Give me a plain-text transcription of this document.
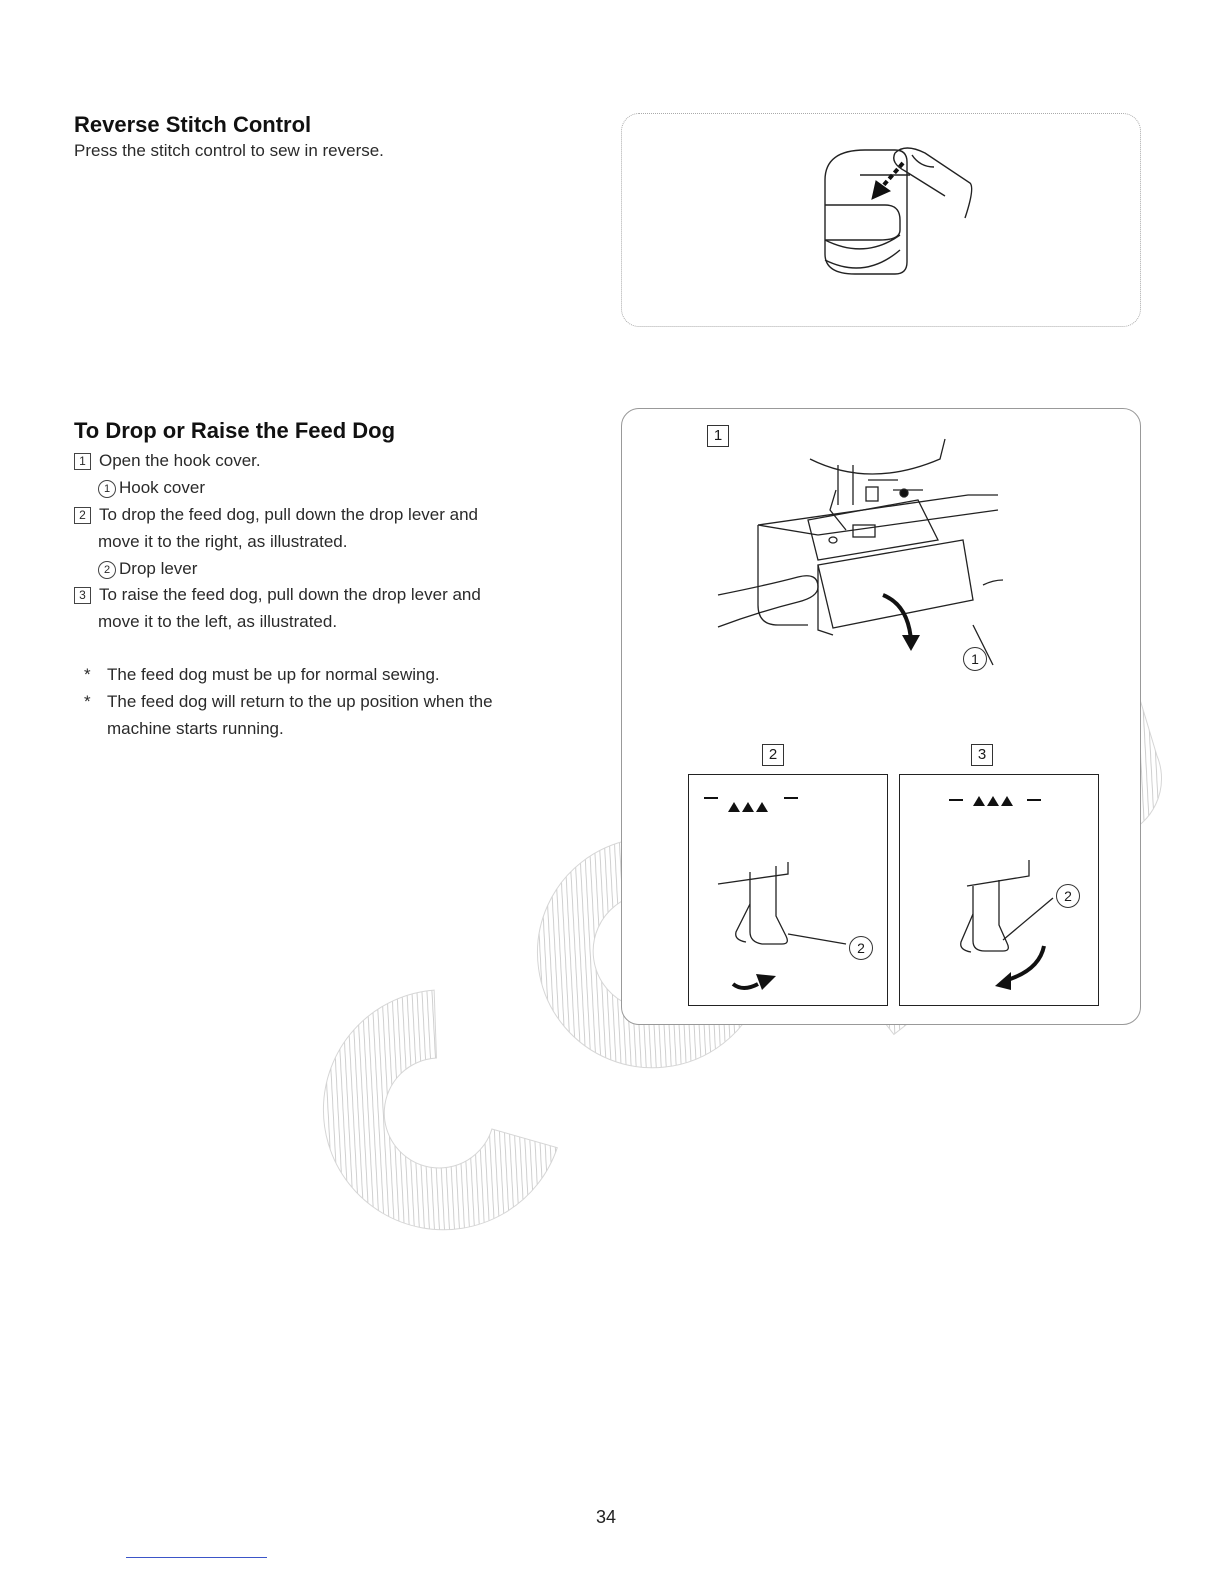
Reverse Stitch Control
Press the stitch control to sew in reverse.
To Drop or Raise the Feed Dog
1 Open the hook cover.
1 Hook cover
2 To drop the feed dog, pull down the drop lever and
move it to the right, as illustrated.
2 Drop lever
3 To raise the feed dog, pull down the drop lever and
move it to the left, as illustrated.
* The feed dog must be up for normal sewing.
* The feed dog will return to the up position when the
machine starts running.
1
1
2	3
2
2
34
